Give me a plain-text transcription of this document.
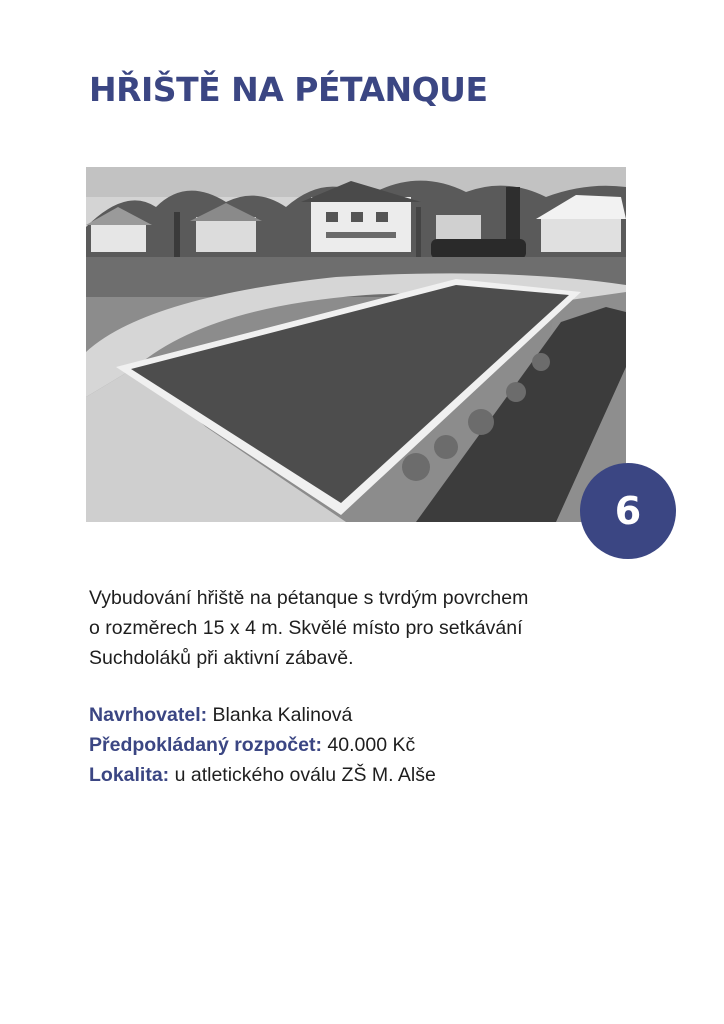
HŘIŠTĚ NA PÉTANQUE
6

Vybudování hřiště na pétanque s tvrdým povrchem
o rozměrech 15 x 4 m. Skvělé místo pro setkávání
Suchdoláků při aktivní zábavě.

Navrhovatel: Blanka Kalinová
Předpokládaný rozpočet: 40.000 Kč
Lokalita: u atletického oválu ZŠ M. Alše
